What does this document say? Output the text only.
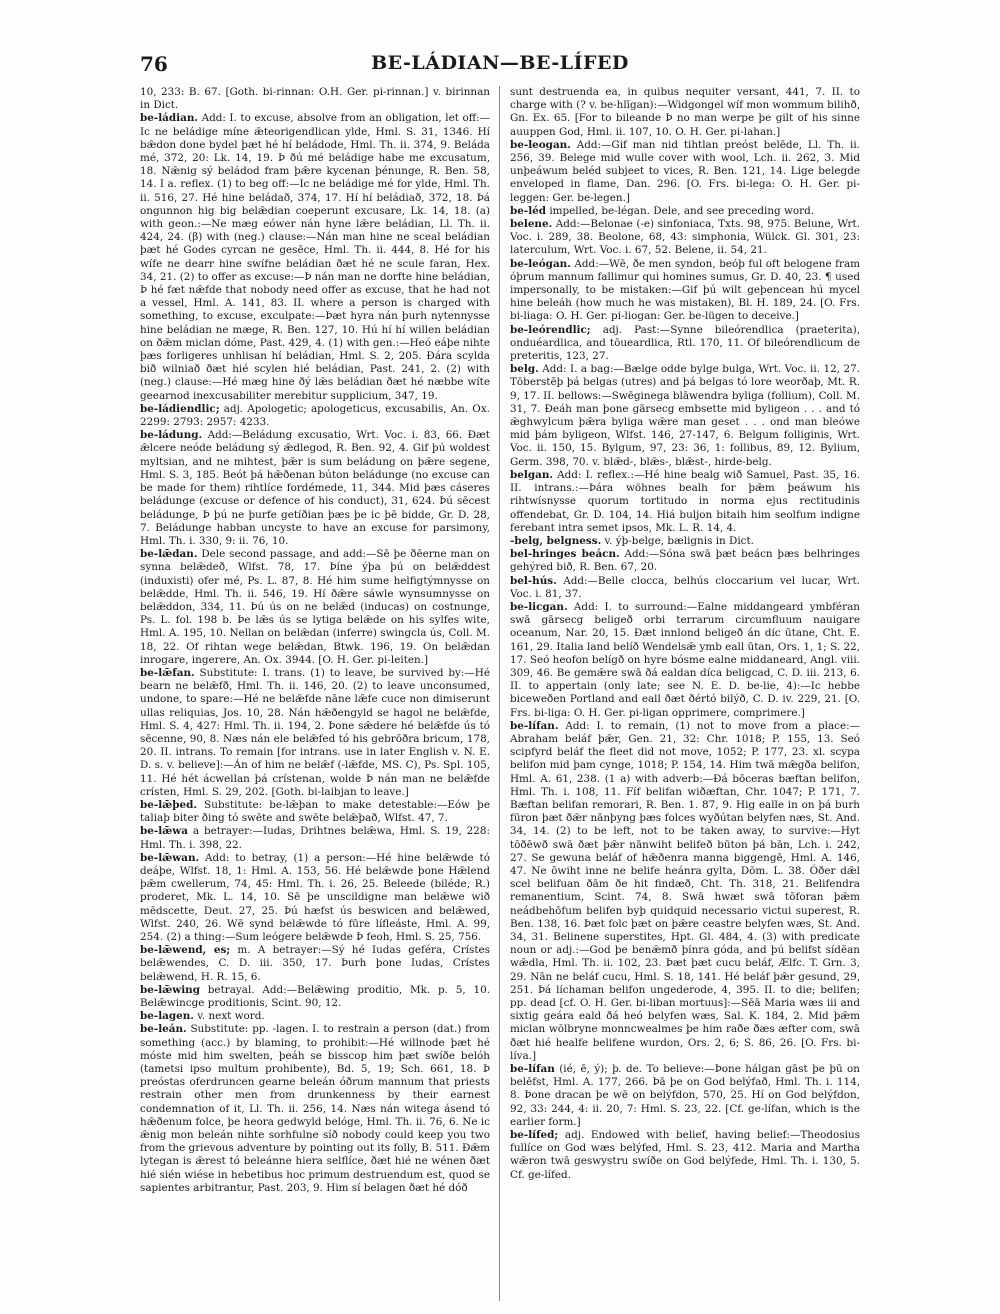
76	BE-LÁDIAN—BE-LÍFED

10, 233: B. 67. [Goth. bi-rinnan: O.H. Ger. pi-rinnan.] v. birinnan in Dict.

be-ládian. Add: I. to excuse, absolve from an obligation, let off:—Ic ne beládige míne ǣteorigendlican ylde, Hml. S. 31, 1346. Hí bǣdon done bydel þæt hé hí beládode, Hml. Th. ii. 374, 9. Beláda mé, 372, 20: Lk. 14, 19. Þ ðú mé beládige habe me excusatum, 18. Nǣnig sý beládod fram þǣre kycenan þénunge, R. Ben. 58, 14. I a. reflex. (1) to beg off:—Ic ne beládige mé for ylde, Hml. Th. ii. 516, 27. Hé hine beládað, 374, 17. Hí hí beládiað, 372, 18. Þá ongunnon hig big belǣdian coeperunt excusare, Lk. 14, 18. (a) with geon.:—Ne mæg eówer nán hyne lǣre beládian, Ll. Th. ii. 424, 24. (β) with (neg.) clause:—Nán man hine ne sceal beládian þæt hé Godes cyrcan ne gesēce, Hml. Th. ii. 444, 8. Hé for his wífe ne dearr hine swífne beládian ðæt hé ne scule faran, Hex. 34, 21. (2) to offer as excuse:—Þ nán man ne dorfte hine beládian, Þ hé fæt nǣfde that nobody need offer as excuse, that he had not a vessel, Hml. A. 141, 83. II. where a person is charged with something, to excuse, exculpate:—Þæt hyra nán þurh nytennysse hine beládian ne mæge, R. Ben. 127, 10. Hú hí hí willen beládian on ðǣm miclan dóme, Past. 429, 4. (1) with gen.:—Heó eáþe nihte þæs forligeres unhlisan hí beládian, Hml. S. 2, 205. Ðára scylda bið wilniað ðæt hié scylen hié beládian, Past. 241, 2. (2) with (neg.) clause:—Hé mæg hine ðý lǣs beládian ðæt hé næbbe wíte geearnod inexcusabiliter merebitur supplicium, 347, 19.

be-ládiendlic; adj. Apologetic; apologeticus, excusabilis, An. Ox. 2299: 2793: 2957: 4233.

be-ládung. Add:—Beládung excusatio, Wrt. Voc. i. 83, 66. Ðæt ǣlcere neóde beládung sý ǣdlegod, R. Ben. 92, 4. Gif þú woldest myltsian, and ne mihtest, þǣr is sum beládung on þǣre segene, Hml. S. 3, 185. Beót þá hǣðenan búton beládunge (no excuse can be made for them) rihtlíce fordémede, 11, 344. Mid þæs cáseres beládunge (excuse or defence of his conduct), 31, 624. Þú sēcest beládunge, Þ þú ne þurfe getíðian þæs þe ic þē bidde, Gr. D. 28, 7. Beládunge habban uncyste to have an excuse for parsimony, Hml. Th. i. 330, 9: ii. 76, 10.

be-lǣdan. Dele second passage, and add:—Sē þe ðēerne man on synna belǣdeð, Wlfst. 78, 17. Þíne ýþa þú on belǣddest (induxisti) ofer mé, Ps. L. 87, 8. Hé him sume helfigtýmnysse on belǣdde, Hml. Th. ii. 546, 19. Hí ðǣre sáwle wynsumnysse on belǣddon, 334, 11. Þú ús on ne belǣd (inducas) on costnunge, Ps. L. fol. 198 b. Þe lǣs ús se lytiga belǣde on his sylfes wite, Hml. A. 195, 10. Nellan on belǣdan (inferre) swingcla ús, Coll. M. 18, 22. Of rihtan wege belǣdan, Btwk. 196, 19. On belǣdan inrogare, ingerere, An. Ox. 3944. [O. H. Ger. pi-leiten.]

be-lǣfan. Substitute: I. trans. (1) to leave, be survived by:—Hé bearn ne belǣfð, Hml. Th. ii. 146, 20. (2) to leave unconsumed, undone, to spare:—Hé ne belǣfde nāne lǣfe cuce non dimiserunt ullas reliquias, Jos. 10, 28. Nán hǣðengyld se hagol ne belǣfde, Hml. S. 4, 427: Hml. Th. ii. 194, 2. Þone sǣdere hé belǣfde ús tó sēcenne, 90, 8. Næs nán ele belǣfed tó his gebrōðra bricum, 178, 20. II. intrans. To remain [for intrans. use in later English v. N. E. D. s. v. believe]:—Án of him ne belǣf (-lǣfde, MS. C), Ps. Spl. 105, 11. Hé hét ácwellan þá crístenan, wolde Þ nán man ne belǣfde crísten, Hml. S. 29, 202. [Goth. bi-laibjan to leave.]

be-lǣþed. Substitute: be-lǣþan to make detestable:—Eów þe taliaþ biter ðing tó swēte and swēte belǣþað, Wlfst. 47, 7.

be-lǣwa a betrayer:—Iudas, Drihtnes belǣwa, Hml. S. 19, 228: Hml. Th. i. 398, 22.

be-lǣwan. Add: to betray, (1) a person:—Hé hine belǣwde tó deáþe, Wlfst. 18, 1: Hml. A. 153, 56. Hé belǣwde þone Hǣlend þǣm cwellerum, 74, 45: Hml. Th. i. 26, 25. Beleede (biléde, R.) proderet, Mk. L. 14, 10. Sē þe unscildigne man belǣwe wið mēdscette, Deut. 27, 25. Þú hæfst ús beswicen and belǣwed, Wlfst. 240, 26. Wē synd belǣwde tó fūre lífleáste, Hml. A. 99, 254. (2) a thing:—Sum leógere belǣwde Þ feoh, Hml. S. 25, 756.

be-lǣwend, es; m. A betrayer:—Sý hé Iudas geféra, Crístes belǣwendes, C. D. iii. 350, 17. Þurh þone Iudas, Crístes belǣwend, H. R. 15, 6.

be-lǣwing betrayal. Add:—Belǣwing proditio, Mk. p. 5, 10. Belǣwincge proditionis, Scint. 90, 12.

be-lagen. v. next word.

be-leán. Substitute: pp. -lagen. I. to restrain a person (dat.) from something (acc.) by blaming, to prohibit:—Hé willnode þæt hé móste mid him swelten, þeáh se bisscop him þæt swíðe belóh (tametsi ipso multum prohibente), Bd. 5, 19; Sch. 661, 18. Þ preóstas oferdruncen gearne beleán óðrum mannum that priests restrain other men from drunkenness by their earnest condemnation of it, Ll. Th. ii. 256, 14. Næs nán witega ásend tó hǣðenum folce, þe heora gedwyld belóge, Hml. Th. ii. 76, 6. Ne ic ǣnig mon beleán nihte sorhfulne síð nobody could keep you two from the grievous adventure by pointing out its folly, B. 511. Ðǣm lytegan is ǣrest tó beleánne hiera selflíce, ðæt hié ne wénen ðæt hié sién wiése in hebetibus hoc primum destruendum est, quod se sapientes arbitrantur, Past. 203, 9. Him sí belagen ðæt hé dóð

sunt destruenda ea, in quibus nequiter versant, 441, 7. II. to charge with (? v. be-hlīgan):—Widgongel wíf mon wommum bilihð, Gn. Ex. 65. [For to bileande Þ no man werpe þe gilt of his sinne auuppen God, Hml. ii. 107, 10. O. H. Ger. pi-lahan.]

be-leogan. Add:—Gif man nid tihtlan preóst belēde, Ll. Th. ii. 256, 39. Belege mid wulle cover with wool, Lch. ii. 262, 3. Mid unþeáwum beléd subjeet to vices, R. Ben. 121, 14. Lige belegde enveloped in flame, Dan. 296. [O. Frs. bi-lega: O. H. Ger. pi-leggen: Ger. be-legen.]

be-léd impelled, be-légan. Dele, and see preceding word.

belene. Add:—Belonae (-e) sinfoniaca, Txts. 98, 975. Belune, Wrt. Voc. i. 289, 38. Beolone, 68, 43: simphonia, Wülck. Gl. 301, 23: laterculum, Wrt. Voc. i. 67, 52. Belene, ii. 54, 21.

be-leógan. Add:—Wē, ðe men syndon, beóþ ful oft belogene fram óþrum mannum fallimur qui homines sumus, Gr. D. 40, 23. ¶ used impersonally, to be mistaken:—Gif þú wilt geþencean hú mycel hine beleáh (how much he was mistaken), Bl. H. 189, 24. [O. Frs. bi-liaga: O. H. Ger. pi-liogan: Ger. be-lügen to deceive.]

be-leórendlic; adj. Past:—Synne bileórendlica (praeterita), onduéardlica, and tōueardlica, Rtl. 170, 11. Of bileórendlicum de preteritis, 123, 27.

belg. Add: I. a bag:—Bælge odde bylge bulga, Wrt. Voc. ii. 12, 27. Tōberstēþ þá belgas (utres) and þá belgas tó lore weorðaþ, Mt. R. 9, 17. II. bellows:—Swēginega blāwendra byliga (follium), Coll. M. 31, 7. Ðeáh man þone gārsecg embsette mid byligeon . . . and tó ǣghwylcum þǣra byliga wǣre man geset . . . ond man bleówe mid þám byligeon, Wlfst. 146, 27-147, 6. Belgum folliginis, Wrt. Voc. ii. 150, 15. Bylgum, 97, 23: 36, 1: follibus, 89, 12. Bylium, Germ. 398, 70. v. blǣd-, blǣs-, blǣst-, hirde-belg.

belgan. Add: I. reflex.:—Hé hine bealg wið Samuel, Past. 35, 16. II. intrans.:—Þára wöhnes bealh for þǣm þeáwum his rihtwísnysse quorum tortitudo in norma ejus rectitudinis offendebat, Gr. D. 104, 14. Hiá buljon bitaih him seolfum indigne ferebant intra semet ipsos, Mk. L. R. 14, 4.

-belg, belgness. v. ýþ-belge, bælignis in Dict.

bel-hringes beácn. Add:—Sóna swā þæt beácn þæs belhringes gehýred bið, R. Ben. 67, 20.

bel-hús. Add:—Belle clocca, belhús cloccarium vel lucar, Wrt. Voc. i. 81, 37.

be-licgan. Add: I. to surround:—Ealne middangeard ymbféran swā gārsecg beligeð orbi terrarum circumfluum nauigare oceanum, Nar. 20, 15. Ðæt innlond beligeð án díc ūtane, Cht. E. 161, 29. Italia land belíð Wendelsǣ ymb eall ūtan, Ors. 1, 1; S. 22, 17. Seó heofon belígð on hyre bósme ealne middaneard, Angl. viii. 309, 46. Be gemǣre swā ðá ealdan díca beligcad, C. D. iii. 213, 6. II. to appertain (only late; see N. E. D. be-lie, 4):—Ic hebbe biceweðen Portland and eall ðæt ðértó bilýð, C. D. iv. 229, 21. [O. Frs. bi-liga: O. H. Ger. pi-ligan opprimere, comprimere.]

be-lífan. Add: I. to remain, (1) not to move from a place:—Abraham beláf þǣr, Gen. 21, 32: Chr. 1018; P. 155, 13. Seó scipfyrd beláf the fleet did not move, 1052; P. 177, 23. xl. scypa belifon mid þam cynge, 1018; P. 154, 14. Him twā mǣgða belifon, Hml. A. 61, 238. (1 a) with adverb:—Ðá bōceras bæftan belifon, Hml. Th. i. 108, 11. Fíf belifan wiðæftan, Chr. 1047; P. 171, 7. Bæftan belifan remorari, R. Ben. 1. 87, 9. Hig ealle in on þá burh fūron þæt ðǣr nānþyng þæs folces wyðútan belyfen næs, St. And. 34, 14. (2) to be left, not to be taken away, to survive:—Hyt tōðēwð swā ðæt þǣr nānwiht belifeð būton þá bān, Lch. i. 242, 27. Se gewuna beláf of hǣðenra manna biggengē, Hml. A. 146, 47. Ne ōwiht inne ne belife heánra gylta, Dōm. L. 38. Óðer dǣl scel belifuan ðām ðe hit findæð, Cht. Th. 318, 21. Belifendra remanentium, Scint. 74, 8. Swā hwæt swā tōforan þǣm neádbehōfum belifen byþ quidquid necessario victui superest, R. Ben. 138, 16. Þæt folc þæt on þǣre ceastre belyfen wæs, St. And. 34, 31. Belinene superstites, Hpt. Gl. 484, 4. (3) with predicate noun or adj.:—God þe benǣmð þínra góda, and þú belifst sídēan wǣdla, Hml. Th. ii. 102, 23. Þæt þæt cucu beláf, Ælfc. T. Grn. 3, 29. Nān ne beláf cucu, Hml. S. 18, 141. Hé beláf þǣr gesund, 29, 251. Þá líchaman belifon ungederode, 4, 395. II. to die; belifen; pp. dead [cf. O. H. Ger. bi-liban mortuus]:—Sēā Maria wæs iii and sixtig geára eald ðá heó belyfen wæs, Sal. K. 184, 2. Mid þǣm miclan wōlbryne monncwealmes þe him raðe ðæs æfter com, swā ðæt hié healfe belifene wurdon, Ors. 2, 6; S. 86, 26. [O. Frs. bi-líva.]

be-lífan (ié, ē, ý); þ. de. To believe:—Þone hálgan gāst þe þū on belēfst, Hml. A. 177, 266. Þā þe on God belýfað, Hml. Th. i. 114, 8. Þone dracan þe wē on belýfdon, 570, 25. Hí on God belýfdon, 92, 33: 244, 4: ii. 20, 7: Hml. S. 23, 22. [Cf. ge-lífan, which is the earlier form.]

be-lífed; adj. Endowed with belief, having belief:—Theodosius fullíce on God wæs belýfed, Hml. S. 23, 412. Maria and Martha wǣron twā geswystru swíðe on God belýfede, Hml. Th. i. 130, 5. Cf. ge-lífed.
